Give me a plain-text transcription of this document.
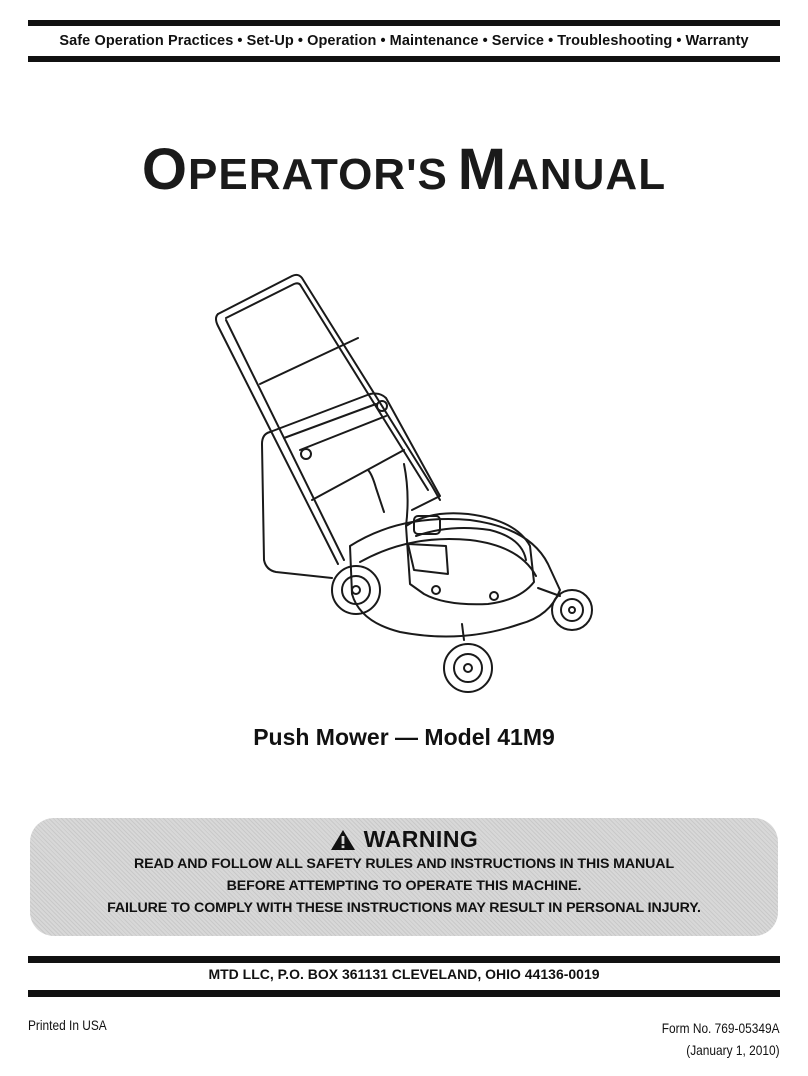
Safe Operation Practices • Set-Up • Operation • Maintenance • Service • Troubleshooting • Warranty
OPERATOR'S MANUAL
Push Mower — Model 41M9
WARNING
READ AND FOLLOW ALL SAFETY RULES AND INSTRUCTIONS IN THIS MANUAL
BEFORE ATTEMPTING TO OPERATE THIS MACHINE.
FAILURE TO COMPLY WITH THESE INSTRUCTIONS MAY RESULT IN PERSONAL INJURY.
MTD LLC, P.O. BOX 361131 CLEVELAND, OHIO 44136-0019
Printed In USA	Form No. 769-05349A
(January 1, 2010)
